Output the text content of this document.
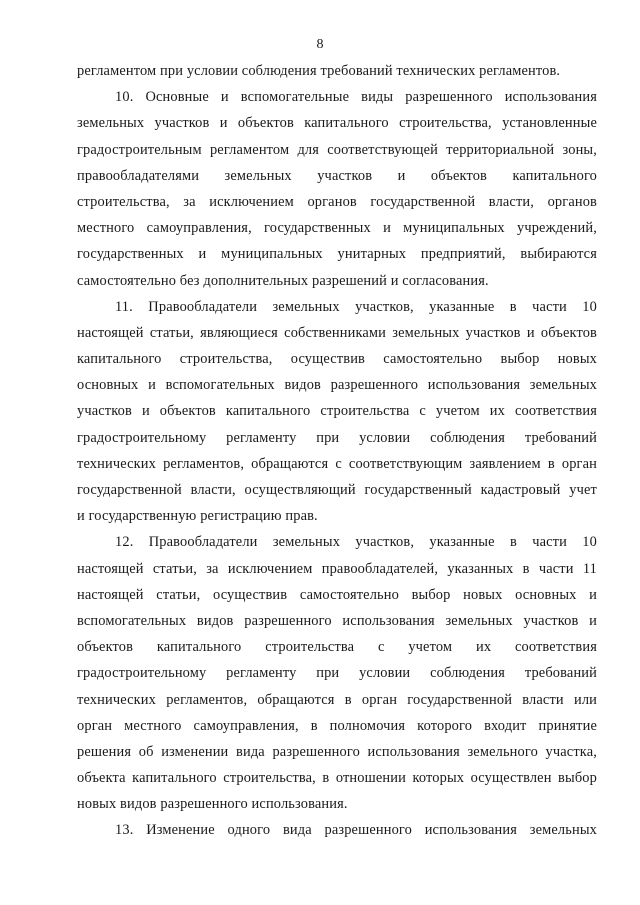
8
регламентом при условии соблюдения требований технических регламентов.
10. Основные и вспомогательные виды разрешенного использования
земельных участков и объектов капитального строительства, установленные
градостроительным регламентом для соответствующей территориальной зоны,
правообладателями земельных участков и объектов капитального
строительства, за исключением органов государственной власти, органов
местного самоуправления, государственных и муниципальных учреждений,
государственных и муниципальных унитарных предприятий, выбираются
самостоятельно без дополнительных разрешений и согласования.
11. Правообладатели земельных участков, указанные в части 10
настоящей статьи, являющиеся собственниками земельных участков и объектов
капитального строительства, осуществив самостоятельно выбор новых
основных и вспомогательных видов разрешенного использования земельных
участков и объектов капитального строительства с учетом их соответствия
градостроительному регламенту при условии соблюдения требований
технических регламентов, обращаются с соответствующим заявлением в орган
государственной власти, осуществляющий государственный кадастровый учет
и государственную регистрацию прав.
12. Правообладатели земельных участков, указанные в части 10
настоящей статьи, за исключением правообладателей, указанных в части 11
настоящей статьи, осуществив самостоятельно выбор новых основных и
вспомогательных видов разрешенного использования земельных участков и
объектов капитального строительства с учетом их соответствия
градостроительному регламенту при условии соблюдения требований
технических регламентов, обращаются в орган государственной власти или
орган местного самоуправления, в полномочия которого входит принятие
решения об изменении вида разрешенного использования земельного участка,
объекта капитального строительства, в отношении которых осуществлен выбор
новых видов разрешенного использования.
13. Изменение одного вида разрешенного использования земельных
